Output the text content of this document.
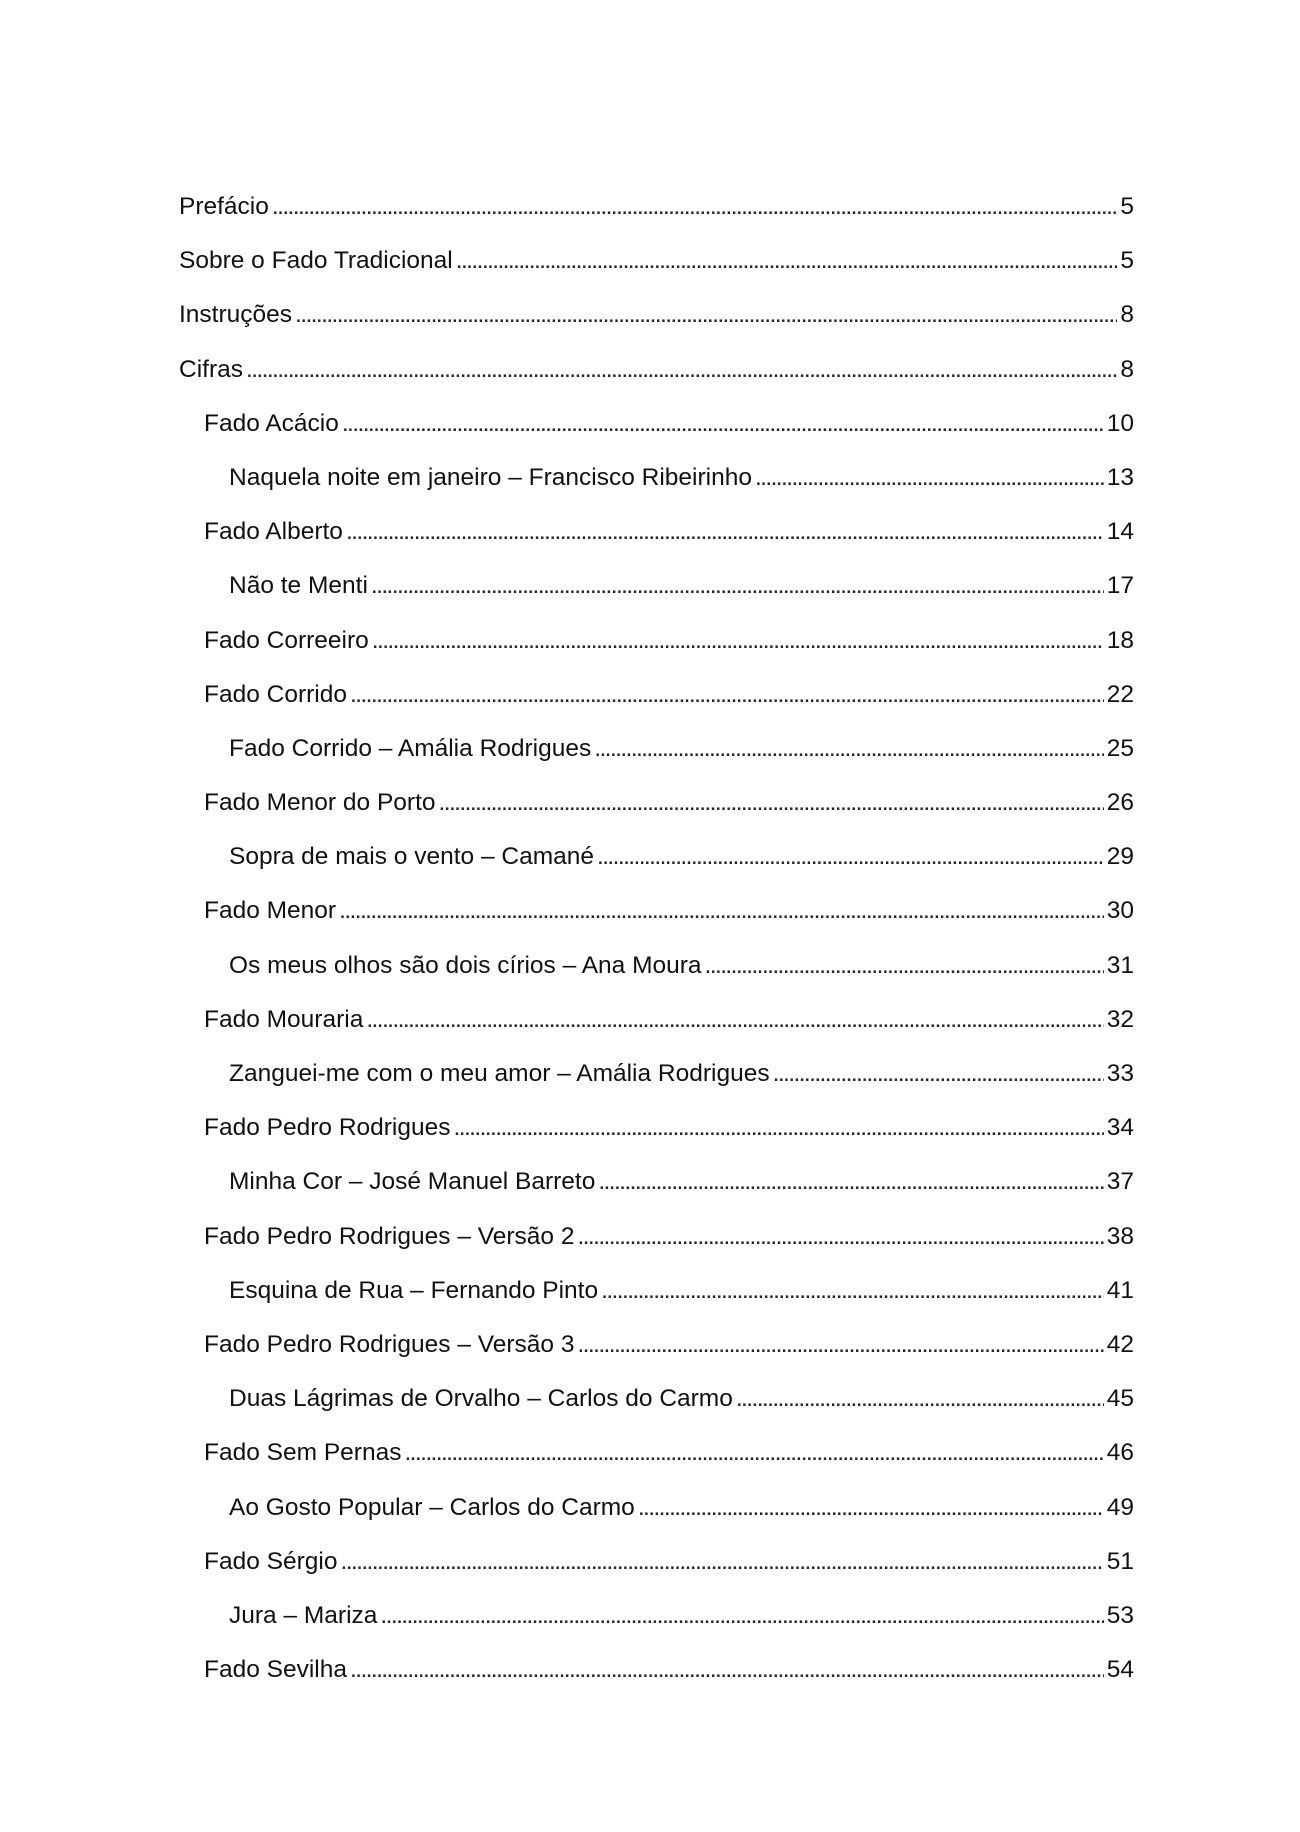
Prefácio . . .	5
Sobre o Fado Tradicional . . .	5
Instruções . . .	8
Cifras . . .	8
Fado Acácio . . .	10
Naquela noite em janeiro – Francisco Ribeirinho . . .	13
Fado Alberto . . .	14
Não te Menti . . .	17
Fado Correeiro . . .	18
Fado Corrido . . .	22
Fado Corrido – Amália Rodrigues . . .	25
Fado Menor do Porto . . .	26
Sopra de mais o vento – Camané . . .	29
Fado Menor . . .	30
Os meus olhos são dois círios – Ana Moura . . .	31
Fado Mouraria . . .	32
Zanguei-me com o meu amor – Amália Rodrigues . . .	33
Fado Pedro Rodrigues . . .	34
Minha Cor – José Manuel Barreto . . .	37
Fado Pedro Rodrigues – Versão 2 . . .	38
Esquina de Rua – Fernando Pinto . . .	41
Fado Pedro Rodrigues – Versão 3 . . .	42
Duas Lágrimas de Orvalho – Carlos do Carmo . . .	45
Fado Sem Pernas . . .	46
Ao Gosto Popular – Carlos do Carmo . . .	49
Fado Sérgio . . .	51
Jura – Mariza . . .	53
Fado Sevilha . . .	54
